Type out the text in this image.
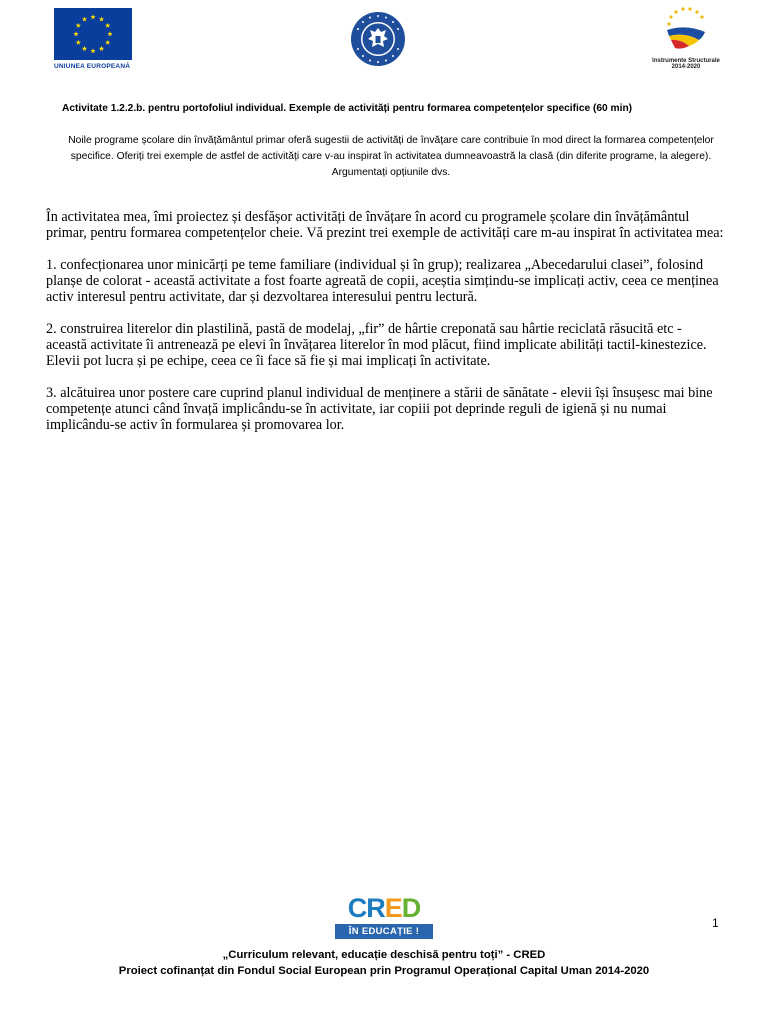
UNIUNEA EUROPEANĂ
Instrumente Structurale
2014-2020
Activitate 1.2.2.b. pentru portofoliul individual. Exemple de activități pentru formarea competențelor specifice (60 min)
Noile programe școlare din învățământul primar oferă sugestii de activități de învățare care contribuie în mod direct la formarea competențelor specifice. Oferiți trei exemple de astfel de activități care v-au inspirat în activitatea dumneavoastră la clasă (din diferite programe, la alegere). Argumentați opțiunile dvs.

În activitatea mea, îmi proiectez și desfășor activități de învățare în acord cu programele școlare din învățământul primar, pentru formarea competențelor cheie. Vă prezint trei exemple de activități care m-au inspirat în activitatea mea:

1. confecționarea unor minicărți pe teme familiare (individual și în grup); realizarea „Abecedarului clasei”, folosind planșe de colorat - această activitate a fost foarte agreată de copii, aceștia simțindu-se implicați activ, ceea ce menținea activ interesul pentru activitate, dar și dezvoltarea interesului pentru lectură.

2. construirea literelor din plastilină, pastă de modelaj, „fir” de hârtie creponată sau hârtie reciclată răsucită etc - această activitate îi antrenează pe elevi în învățarea literelor în mod plăcut, fiind implicate abilități tactil-kinestezice. Elevii pot lucra și pe echipe, ceea ce îi face să fie și mai implicați în activitate.

3. alcătuirea unor postere care cuprind planul individual de menținere a stării de sănătate - elevii își însușesc mai bine competențe atunci când învață implicându-se în activitate, iar copiii pot deprinde reguli de igienă și nu numai implicându-se activ în formularea și promovarea lor.

CRED
ÎN EDUCAȚIE !
1
„Curriculum relevant, educație deschisă pentru toți” - CRED
Proiect cofinanțat din Fondul Social European prin Programul Operațional Capital Uman 2014-2020
